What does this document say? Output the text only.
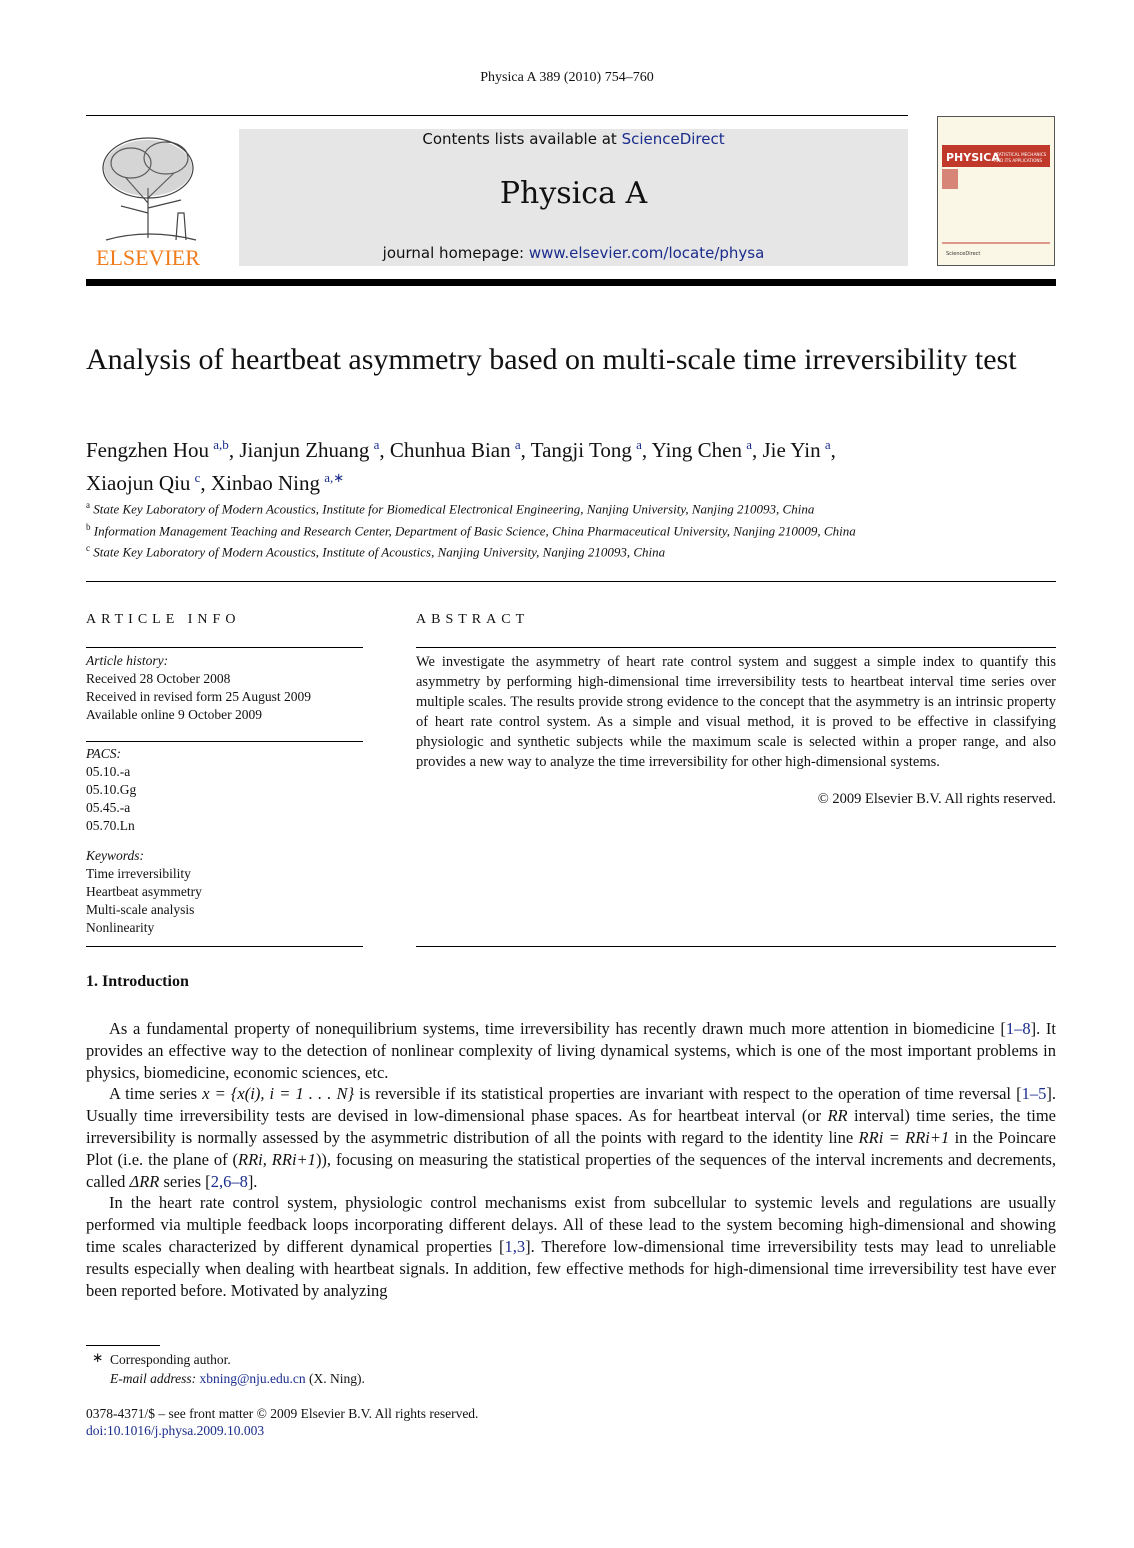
Physica A 389 (2010) 754–760
ELSEVIER
Contents lists available at ScienceDirect
Physica A
journal homepage: www.elsevier.com/locate/physa
PHYSICA
STATISTICAL MECHANICS
AND ITS APPLICATIONS
ScienceDirect
Analysis of heartbeat asymmetry based on multi-scale time irreversibility test
Fengzhen Hou  $^{a,b}$, Jianjun Zhuang  $^a$, Chunhua Bian  $^a$, Tangji Tong  $^a$, Ying Chen  $^a$, Jie Yin  $^a$,
Xiaojun Qiu  $^c$, Xinbao Ning  $^{a,∗}$
$^a$ State Key Laboratory of Modern Acoustics, Institute for Biomedical Electronical Engineering, Nanjing University, Nanjing 210093, China
$^b$ Information Management Teaching and Research Center, Department of Basic Science, China Pharmaceutical University, Nanjing 210009, China
$^c$ State Key Laboratory of Modern Acoustics, Institute of Acoustics, Nanjing University, Nanjing 210093, China
ARTICLE INFO
Article history:
Received 28 October 2008
Received in revised form 25 August 2009
Available online 9 October 2009
PACS:
05.10.-a
05.10.Gg
05.45.-a
05.70.Ln
Keywords:
Time irreversibility
Heartbeat asymmetry
Multi-scale analysis
Nonlinearity
ABSTRACT
We investigate the asymmetry of heart rate control system and suggest a simple index to quantify this asymmetry by performing high-dimensional time irreversibility tests to heartbeat interval time series over multiple scales. The results provide strong evidence to the concept that the asymmetry is an intrinsic property of heart rate control system. As a simple and visual method, it is proved to be effective in classifying physiologic and synthetic subjects while the maximum scale is selected within a proper range, and also provides a new way to analyze the time irreversibility for other high-dimensional systems.
© 2009 Elsevier B.V. All rights reserved.
1. Introduction

As a fundamental property of nonequilibrium systems, time irreversibility has recently drawn much more attention in biomedicine [1–8]. It provides an effective way to the detection of nonlinear complexity of living dynamical systems, which is one of the most important problems in physics, biomedicine, economic sciences, etc.

A time series x = {x(i), i = 1 . . . N} is reversible if its statistical properties are invariant with respect to the operation of time reversal [1–5]. Usually time irreversibility tests are devised in low-dimensional phase spaces. As for heartbeat interval (or RR interval) time series, the time irreversibility is normally assessed by the asymmetric distribution of all the points with regard to the identity line RRi = RRi+1 in the Poincare Plot (i.e. the plane of (RRi, RRi+1)), focusing on measuring the statistical properties of the sequences of the interval increments and decrements, called ΔRR series [2,6–8].

In the heart rate control system, physiologic control mechanisms exist from subcellular to systemic levels and regulations are usually performed via multiple feedback loops incorporating different delays. All of these lead to the system becoming high-dimensional and showing time scales characterized by different dynamical properties [1,3]. Therefore low-dimensional time irreversibility tests may lead to unreliable results especially when dealing with heartbeat signals. In addition, few effective methods for high-dimensional time irreversibility test have ever been reported before. Motivated by analyzing

∗ Corresponding author.
E-mail address: xbning@nju.edu.cn (X. Ning).
0378-4371/$ – see front matter © 2009 Elsevier B.V. All rights reserved.
doi:10.1016/j.physa.2009.10.003
